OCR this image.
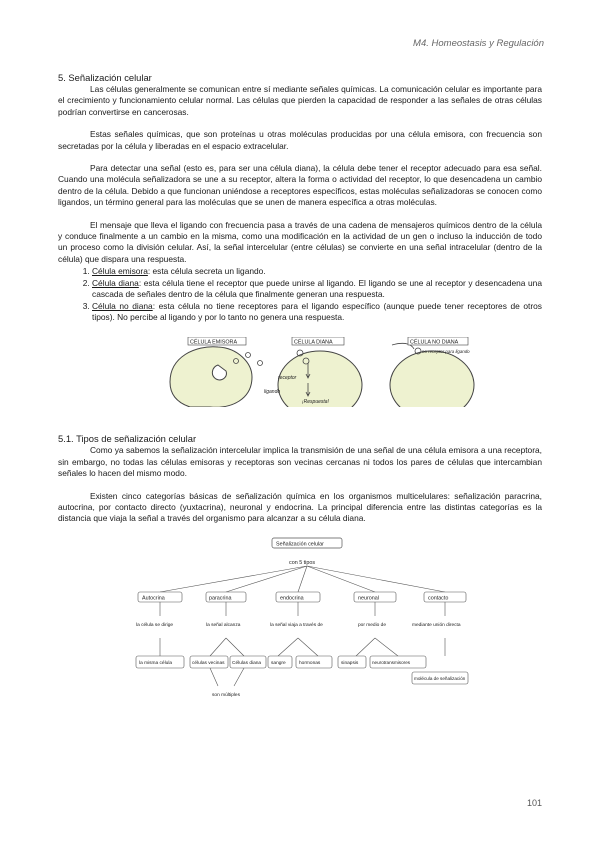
M4. Homeostasis y Regulación

5. Señalización celular

Las células generalmente se comunican entre sí mediante señales químicas. La comunicación celular es importante para el crecimiento y funcionamiento celular normal. Las células que pierden la capacidad de responder a las señales de otras células podrían convertirse en cancerosas.

Estas señales químicas, que son proteínas u otras moléculas producidas por una célula emisora, con frecuencia son secretadas por la célula y liberadas en el espacio extracelular.

Para detectar una señal (esto es, para ser una célula diana), la célula debe tener el receptor adecuado para esa señal. Cuando una molécula señalizadora se une a su receptor, altera la forma o actividad del receptor, lo que desencadena un cambio dentro de la célula. Debido a que funcionan uniéndose a receptores específicos, estas moléculas señalizadoras se conocen como ligandos, un término general para las moléculas que se unen de manera específica a otras moléculas.

El mensaje que lleva el ligando con frecuencia pasa a través de una cadena de mensajeros químicos dentro de la célula y conduce finalmente a un cambio en la misma, como una modificación en la actividad de un gen o incluso la inducción de todo un proceso como la división celular. Así, la señal intercelular (entre células) se convierte en una señal intracelular (dentro de la célula) que dispara una respuesta.

1. Célula emisora: esta célula secreta un ligando.
2. Célula diana: esta célula tiene el receptor que puede unirse al ligando. El ligando se une al receptor y desencadena una cascada de señales dentro de la célula que finalmente generan una respuesta.
3. Célula no diana: esta célula no tiene receptores para el ligando específico (aunque puede tener receptores de otros tipos). No percibe al ligando y por lo tanto no genera una respuesta.
CÉLULA EMISORA	CÉLULA DIANA	CÉLULA NO DIANA
receptor
ligando
¡Respuesta!
no receptor para ligando

5.1. Tipos de señalización celular

Como ya sabemos la señalización intercelular implica la transmisión de una señal de una célula emisora a una receptora, sin embargo, no todas las células emisoras y receptoras son vecinas cercanas ni todos los pares de células que intercambian señales lo hacen del mismo modo.

Existen cinco categorías básicas de señalización química en los organismos multicelulares: señalización paracrina, autocrina, por contacto directo (yuxtacrina), neuronal y endocrina. La principal diferencia entre las distintas categorías es la distancia que viaja la señal a través del organismo para alcanzar a su célula diana.

Señalización celular
con 5 tipos
Autocrina	paracrina	endocrina	neuronal	contacto
la célula se dirige	la señal alcanza	la señal viaja a través de	por medio de	mediante unión directa
la misma célula	células vecinas Células diana sangre	hormonas	sinapsis	neurotransmisores
molécula de señalización
son múltiples
101
